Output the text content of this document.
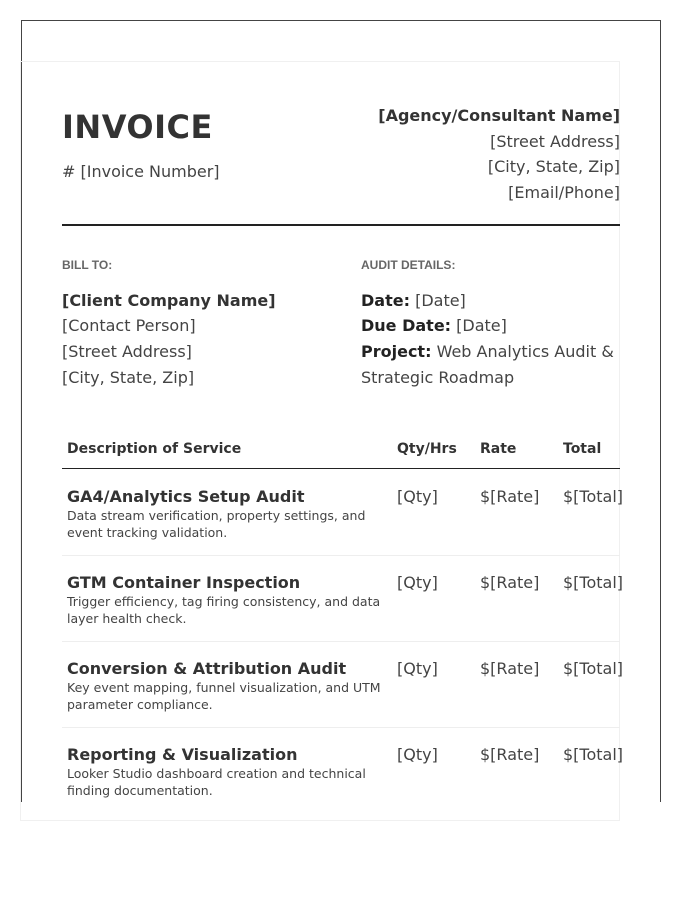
INVOICE
# [Invoice Number]
[Agency/Consultant Name]
[Street Address]
[City, State, Zip]
[Email/Phone]
BILL TO:	AUDIT DETAILS:
[Client Company Name]
[Contact Person]
[Street Address]
[City, State, Zip]
Date: [Date]
Due Date: [Date]
Project: Web Analytics Audit &
Strategic Roadmap
Description of Service	Qty/Hrs Rate	Total
GA4/Analytics Setup Audit
Data stream verification, property settings, and event tracking validation.
[Qty]	$[Rate] $[Total]
GTM Container Inspection
Trigger efficiency, tag firing consistency, and data layer health check.
[Qty]	$[Rate] $[Total]
Conversion & Attribution Audit
Key event mapping, funnel visualization, and UTM parameter compliance.
[Qty]	$[Rate] $[Total]
Reporting & Visualization
Looker Studio dashboard creation and technical finding documentation.
[Qty]	$[Rate] $[Total]
